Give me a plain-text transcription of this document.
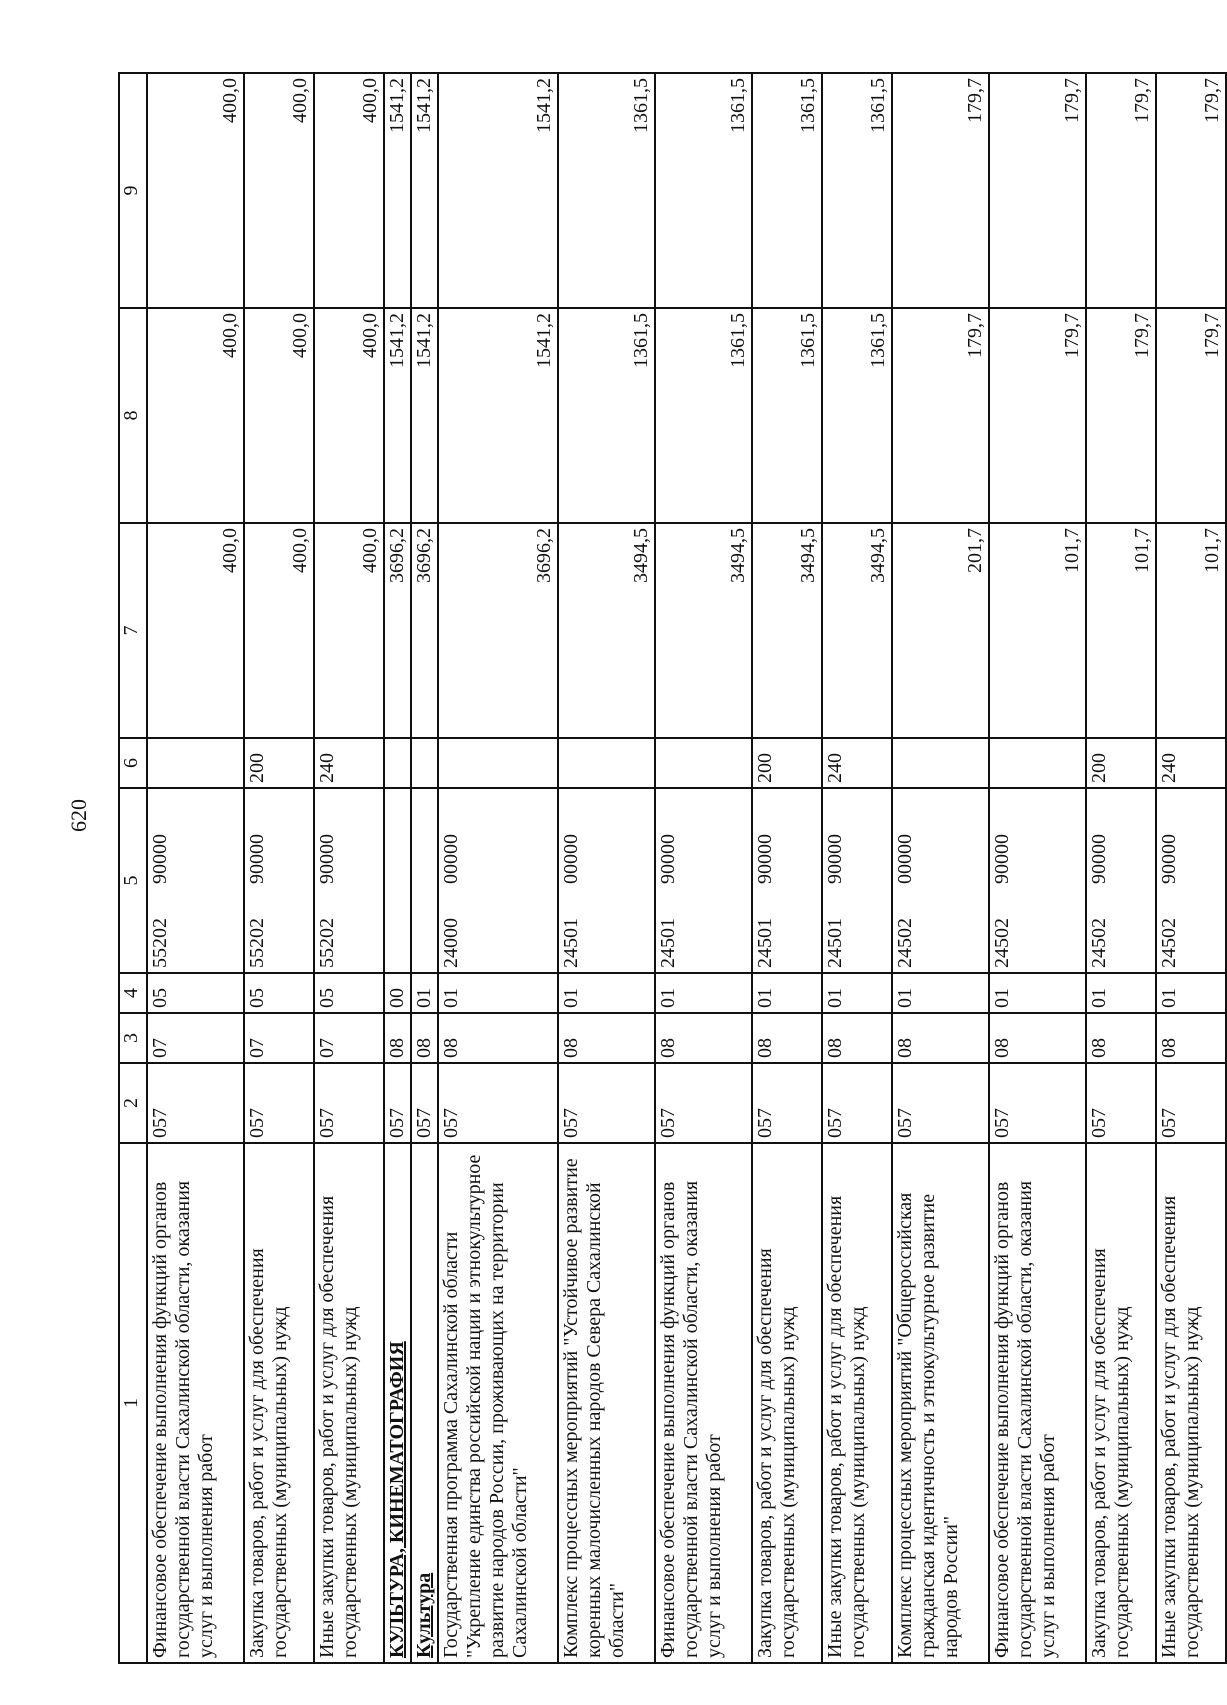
620
1	2	3	4	5	6	7	8	9
Финансовое обеспечение выполнения функций органов государственной власти Сахалинской области, оказания услуг и выполнения работ	057	07	05	5520290000		400,0	400,0	400,0
Закупка товаров, работ и услуг для обеспечения государственных (муниципальных) нужд	057	07	05	5520290000	200	400,0	400,0	400,0
Иные закупки товаров, работ и услуг для обеспечения государственных (муниципальных) нужд	057	07	05	5520290000	240	400,0	400,0	400,0
КУЛЬТУРА, КИНЕМАТОГРАФИЯ	057	08	00			3696,2	1541,2	1541,2
Культура	057	08	01			3696,2	1541,2	1541,2
Государственная программа Сахалинской области "Укрепление единства российской нации и этнокультурное развитие народов России, проживающих на территории Сахалинской области"	057	08	01	2400000000		3696,2	1541,2	1541,2
Комплекс процессных мероприятий "Устойчивое развитие коренных малочисленных народов Севера Сахалинской области"	057	08	01	2450100000		3494,5	1361,5	1361,5
Финансовое обеспечение выполнения функций органов государственной власти Сахалинской области, оказания услуг и выполнения работ	057	08	01	2450190000		3494,5	1361,5	1361,5
Закупка товаров, работ и услуг для обеспечения государственных (муниципальных) нужд	057	08	01	2450190000	200	3494,5	1361,5	1361,5
Иные закупки товаров, работ и услуг для обеспечения государственных (муниципальных) нужд	057	08	01	2450190000	240	3494,5	1361,5	1361,5
Комплекс процессных мероприятий "Общероссийская гражданская идентичность и этнокультурное развитие народов России"	057	08	01	2450200000		201,7	179,7	179,7
Финансовое обеспечение выполнения функций органов государственной власти Сахалинской области, оказания услуг и выполнения работ	057	08	01	2450290000		101,7	179,7	179,7
Закупка товаров, работ и услуг для обеспечения государственных (муниципальных) нужд	057	08	01	2450290000	200	101,7	179,7	179,7
Иные закупки товаров, работ и услуг для обеспечения государственных (муниципальных) нужд	057	08	01	2450290000	240	101,7	179,7	179,7
